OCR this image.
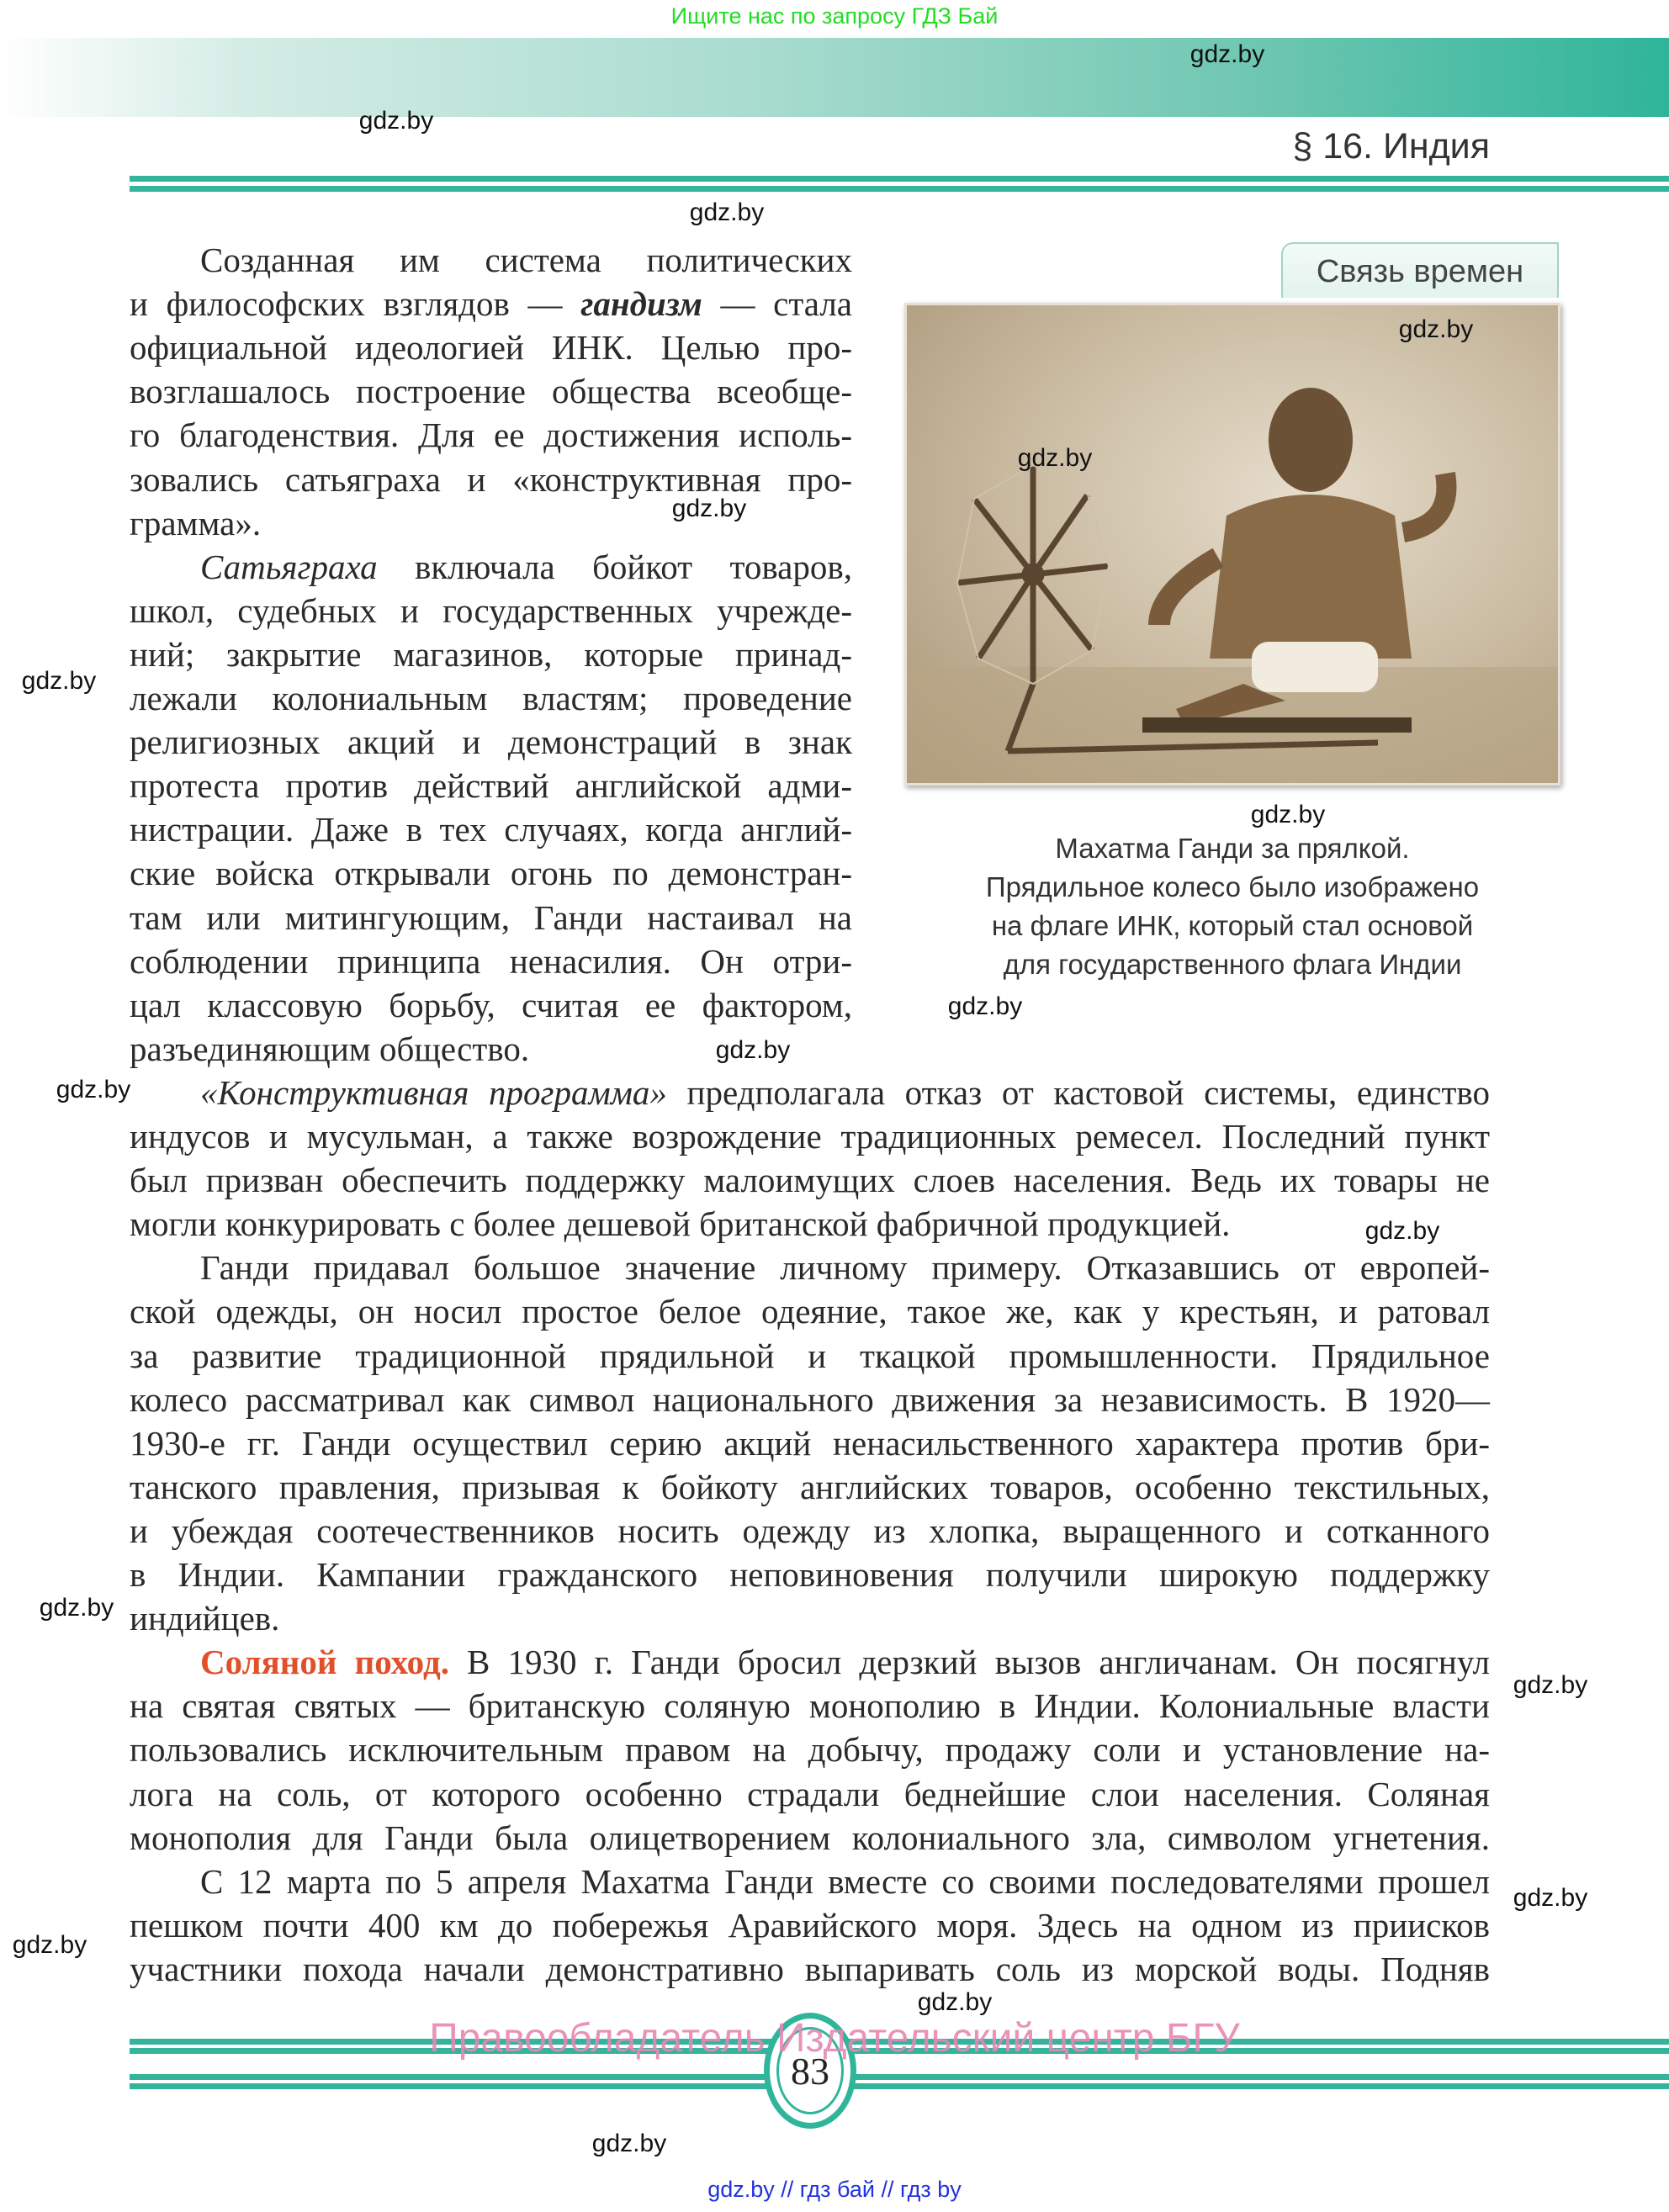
Ищите нас по запросу ГДЗ Бай
§ 16. Индия
Связь времен
Махатма Ганди за прялкой.
Прядильное колесо было изображено
на флаге ИНК, который стал основой
для государственного флага Индии
Созданная им система политических
и философских взглядов — гандизм — стала
официальной идеологией ИНК. Целью про-
возглашалось построение общества всеобще-
го благоденствия. Для ее достижения исполь-
зовались сатьяграха и «конструктивная про-
грамма».
Сатьяграха включала бойкот товаров,
школ, судебных и государственных учрежде-
ний; закрытие магазинов, которые принад-
лежали колониальным властям; проведение
религиозных акций и демонстраций в знак
протеста против действий английской адми-
нистрации. Даже в тех случаях, когда англий-
ские войска открывали огонь по демонстран-
там или митингующим, Ганди настаивал на
соблюдении принципа ненасилия. Он отри-
цал классовую борьбу, считая ее фактором,
разъединяющим общество.
«Конструктивная программа» предполагала отказ от кастовой системы, единство
индусов и мусульман, а также возрождение традиционных ремесел. Последний пункт
был призван обеспечить поддержку малоимущих слоев населения. Ведь их товары не
могли конкурировать с более дешевой британской фабричной продукцией.
Ганди придавал большое значение личному примеру. Отказавшись от европей-
ской одежды, он носил простое белое одеяние, такое же, как у крестьян, и ратовал
за развитие традиционной прядильной и ткацкой промышленности. Прядильное
колесо рассматривал как символ национального движения за независимость. В 1920—
1930-е гг. Ганди осуществил серию акций ненасильственного характера против бри-
танского правления, призывая к бойкоту английских товаров, особенно текстильных,
и убеждая соотечественников носить одежду из хлопка, выращенного и сотканного
в Индии. Кампании гражданского неповиновения получили широкую поддержку
индийцев.
Соляной поход. В 1930 г. Ганди бросил дерзкий вызов англичанам. Он посягнул
на святая святых — британскую соляную монополию в Индии. Колониальные власти
пользовались исключительным правом на добычу, продажу соли и установление на-
лога на соль, от которого особенно страдали беднейшие слои населения. Соляная
монополия для Ганди была олицетворением колониального зла, символом угнетения.
С 12 марта по 5 апреля Махатма Ганди вместе со своими последователями прошел
пешком почти 400 км до побережья Аравийского моря. Здесь на одном из приисков
участники похода начали демонстративно выпаривать соль из морской воды. Подняв
gdz.by
gdz.by
gdz.by
gdz.by
gdz.by
gdz.by
gdz.by
gdz.by
gdz.by
gdz.by
gdz.by
gdz.by
gdz.by
gdz.by
gdz.by
gdz.by
gdz.by
gdz.by
83
Правообладатель Издательский центр БГУ
gdz.by // гдз бай // гдз by
